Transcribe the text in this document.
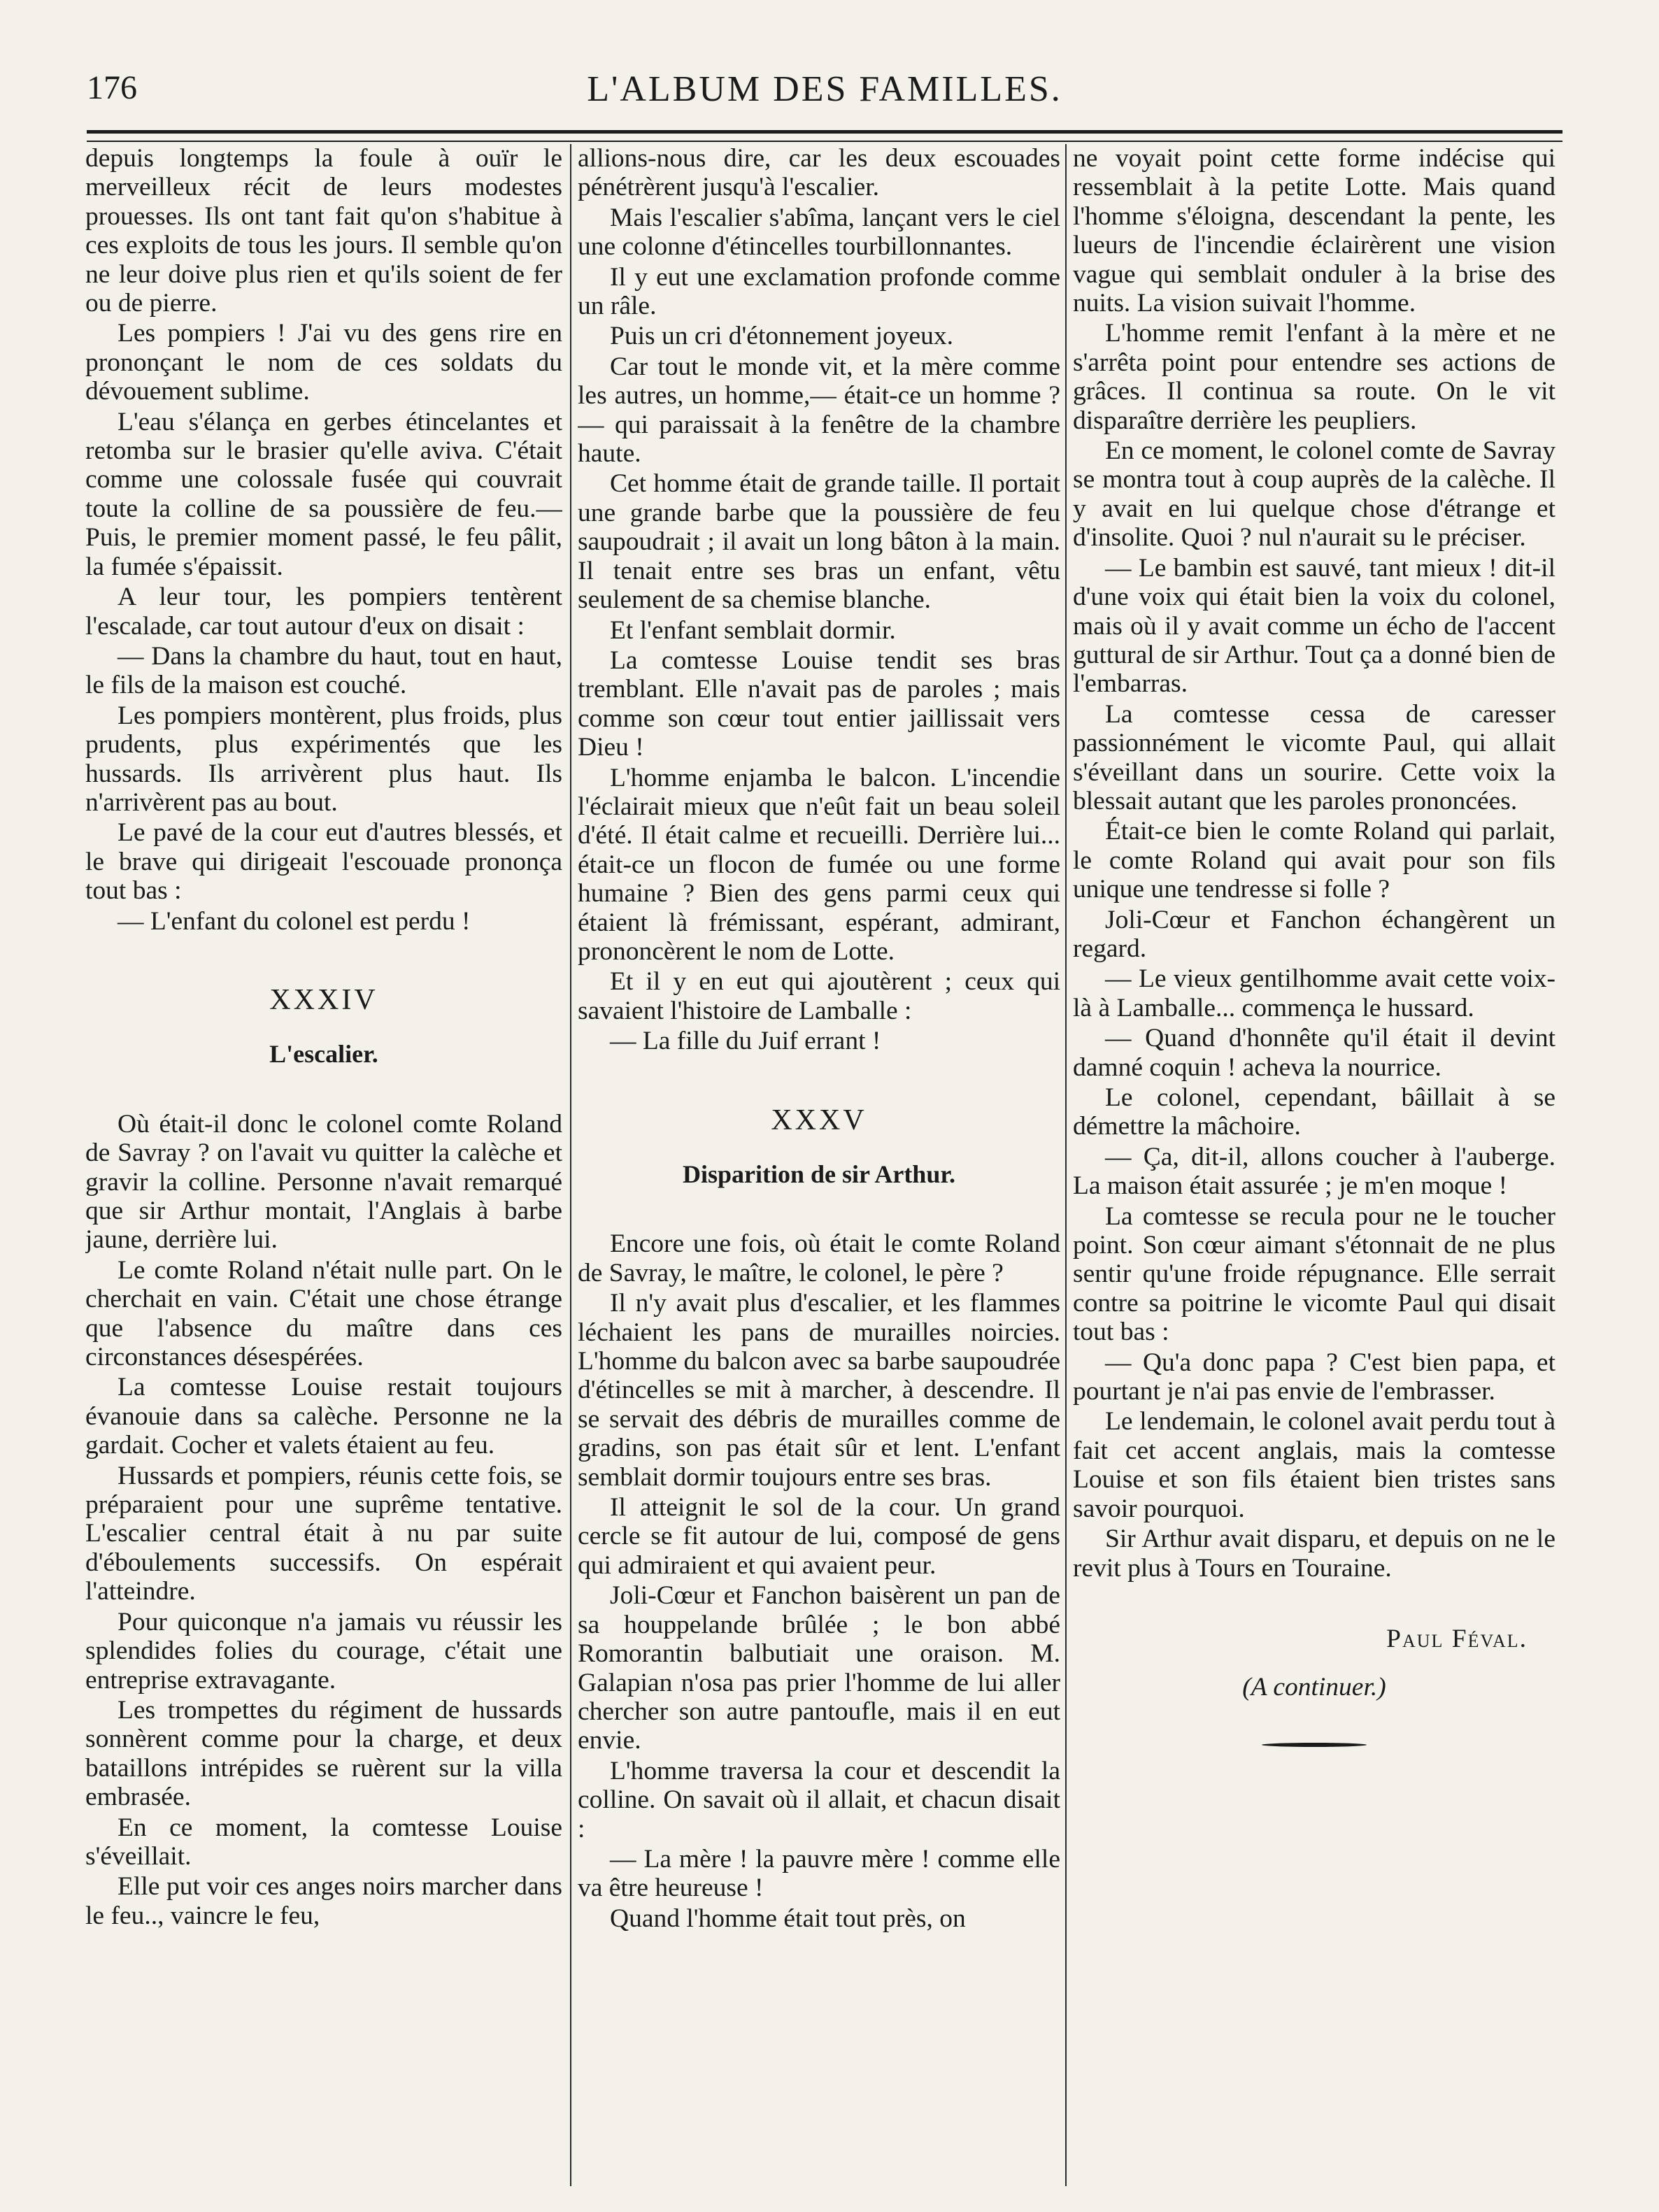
176	L'ALBUM DES FAMILLES.

depuis longtemps la foule à ouïr le merveilleux récit de leurs modestes prouesses. Ils ont tant fait qu'on s'habitue à ces exploits de tous les jours. Il semble qu'on ne leur doive plus rien et qu'ils soient de fer ou de pierre.

Les pompiers ! J'ai vu des gens rire en prononçant le nom de ces soldats du dévouement sublime.

L'eau s'élança en gerbes étincelantes et retomba sur le brasier qu'elle aviva. C'était comme une colossale fusée qui couvrait toute la colline de sa poussière de feu.— Puis, le premier moment passé, le feu pâlit, la fumée s'épaissit.

A leur tour, les pompiers tentèrent l'escalade, car tout autour d'eux on disait :

— Dans la chambre du haut, tout en haut, le fils de la maison est couché.

Les pompiers montèrent, plus froids, plus prudents, plus expérimentés que les hussards. Ils arrivèrent plus haut. Ils n'arrivèrent pas au bout.

Le pavé de la cour eut d'autres blessés, et le brave qui dirigeait l'escouade prononça tout bas :

— L'enfant du colonel est perdu !

XXXIV
L'escalier.

Où était-il donc le colonel comte Roland de Savray ? on l'avait vu quitter la calèche et gravir la colline. Personne n'avait remarqué que sir Arthur montait, l'Anglais à barbe jaune, derrière lui.

Le comte Roland n'était nulle part. On le cherchait en vain. C'était une chose étrange que l'absence du maître dans ces circonstances désespérées.

La comtesse Louise restait toujours évanouie dans sa calèche. Personne ne la gardait. Cocher et valets étaient au feu.

Hussards et pompiers, réunis cette fois, se préparaient pour une suprême tentative. L'escalier central était à nu par suite d'éboulements successifs. On espérait l'atteindre.

Pour quiconque n'a jamais vu réussir les splendides folies du courage, c'était une entreprise extravagante.

Les trompettes du régiment de hussards sonnèrent comme pour la charge, et deux bataillons intrépides se ruèrent sur la villa embrasée.

En ce moment, la comtesse Louise s'éveillait.

Elle put voir ces anges noirs marcher dans le feu.., vaincre le feu,

allions-nous dire, car les deux escouades pénétrèrent jusqu'à l'escalier.

Mais l'escalier s'abîma, lançant vers le ciel une colonne d'étincelles tourbillonnantes.

Il y eut une exclamation profonde comme un râle.

Puis un cri d'étonnement joyeux.

Car tout le monde vit, et la mère comme les autres, un homme,— était-ce un homme ?— qui paraissait à la fenêtre de la chambre haute.

Cet homme était de grande taille. Il portait une grande barbe que la poussière de feu saupoudrait ; il avait un long bâton à la main. Il tenait entre ses bras un enfant, vêtu seulement de sa chemise blanche.

Et l'enfant semblait dormir.

La comtesse Louise tendit ses bras tremblant. Elle n'avait pas de paroles ; mais comme son cœur tout entier jaillissait vers Dieu !

L'homme enjamba le balcon. L'incendie l'éclairait mieux que n'eût fait un beau soleil d'été. Il était calme et recueilli. Derrière lui... était-ce un flocon de fumée ou une forme humaine ? Bien des gens parmi ceux qui étaient là frémissant, espérant, admirant, prononcèrent le nom de Lotte.

Et il y en eut qui ajoutèrent ; ceux qui savaient l'histoire de Lamballe :

— La fille du Juif errant !

XXXV
Disparition de sir Arthur.

Encore une fois, où était le comte Roland de Savray, le maître, le colonel, le père ?

Il n'y avait plus d'escalier, et les flammes léchaient les pans de murailles noircies. L'homme du balcon avec sa barbe saupoudrée d'étincelles se mit à marcher, à descendre. Il se servait des débris de murailles comme de gradins, son pas était sûr et lent. L'enfant semblait dormir toujours entre ses bras.

Il atteignit le sol de la cour. Un grand cercle se fit autour de lui, composé de gens qui admiraient et qui avaient peur.

Joli-Cœur et Fanchon baisèrent un pan de sa houppelande brûlée ; le bon abbé Romorantin balbutiait une oraison. M. Galapian n'osa pas prier l'homme de lui aller chercher son autre pantoufle, mais il en eut envie.

L'homme traversa la cour et descendit la colline. On savait où il allait, et chacun disait :

— La mère ! la pauvre mère ! comme elle va être heureuse !

Quand l'homme était tout près, on

ne voyait point cette forme indécise qui ressemblait à la petite Lotte. Mais quand l'homme s'éloigna, descendant la pente, les lueurs de l'incendie éclairèrent une vision vague qui semblait onduler à la brise des nuits. La vision suivait l'homme.

L'homme remit l'enfant à la mère et ne s'arrêta point pour entendre ses actions de grâces. Il continua sa route. On le vit disparaître derrière les peupliers.

En ce moment, le colonel comte de Savray se montra tout à coup auprès de la calèche. Il y avait en lui quelque chose d'étrange et d'insolite. Quoi ? nul n'aurait su le préciser.

— Le bambin est sauvé, tant mieux ! dit-il d'une voix qui était bien la voix du colonel, mais où il y avait comme un écho de l'accent guttural de sir Arthur. Tout ça a donné bien de l'embarras.

La comtesse cessa de caresser passionnément le vicomte Paul, qui allait s'éveillant dans un sourire. Cette voix la blessait autant que les paroles prononcées.

Était-ce bien le comte Roland qui parlait, le comte Roland qui avait pour son fils unique une tendresse si folle ?

Joli-Cœur et Fanchon échangèrent un regard.

— Le vieux gentilhomme avait cette voix-là à Lamballe... commença le hussard.

— Quand d'honnête qu'il était il devint damné coquin ! acheva la nourrice.

Le colonel, cependant, bâillait à se démettre la mâchoire.

— Ça, dit-il, allons coucher à l'auberge. La maison était assurée ; je m'en moque !

La comtesse se recula pour ne le toucher point. Son cœur aimant s'étonnait de ne plus sentir qu'une froide répugnance. Elle serrait contre sa poitrine le vicomte Paul qui disait tout bas :

— Qu'a donc papa ? C'est bien papa, et pourtant je n'ai pas envie de l'embrasser.

Le lendemain, le colonel avait perdu tout à fait cet accent anglais, mais la comtesse Louise et son fils étaient bien tristes sans savoir pourquoi.

Sir Arthur avait disparu, et depuis on ne le revit plus à Tours en Touraine.

Paul Féval.
(A continuer.)
